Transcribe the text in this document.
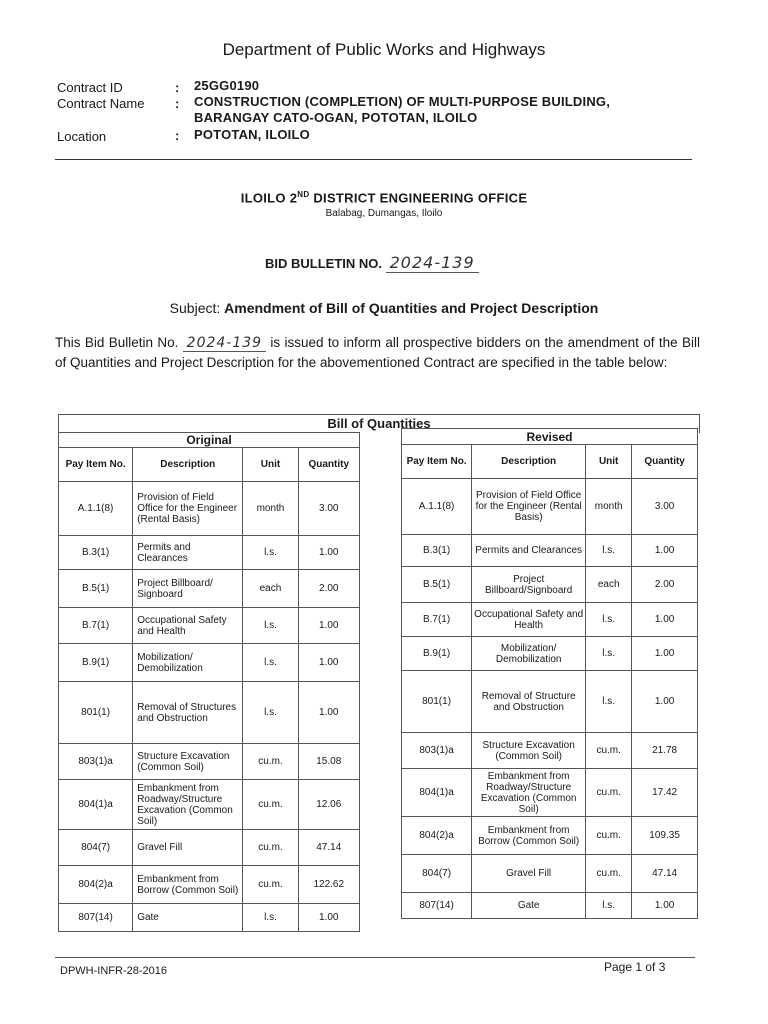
Department of Public Works and Highways
Contract ID	: 25GG0190
Contract Name : CONSTRUCTION (COMPLETION) OF MULTI-PURPOSE BUILDING,
BARANGAY CATO-OGAN, POTOTAN, ILOILO
Location	: POTOTAN, ILOILO
ILOILO 2ND DISTRICT ENGINEERING OFFICE
Balabag, Dumangas, Iloilo
BID BULLETIN NO. 2024-139
Subject: Amendment of Bill of Quantities and Project Description
This Bid Bulletin No. 2024-139 is issued to inform all prospective bidders on the amendment of the Bill of Quantities and Project Description for the abovementioned Contract are specified in the table below:
Bill of Quantities
Original			
Pay Item No.	Description	Unit	Quantity
A.1.1(8)	Provision of Field Office for the Engineer (Rental Basis)	month	3.00
B.3(1)	Permits and Clearances	l.s.	1.00
B.5(1)	Project Billboard/ Signboard	each	2.00
B.7(1)	Occupational Safety and Health	l.s.	1.00
B.9(1)	Mobilization/ Demobilization	l.s.	1.00
801(1)	Removal of Structures and Obstruction	l.s.	1.00
803(1)a	Structure Excavation (Common Soil)	cu.m.	15.08
804(1)a	Embankment from Roadway/Structure Excavation (Common Soil)	cu.m.	12.06
804(7)	Gravel Fill	cu.m.	47.14
804(2)a	Embankment from Borrow (Common Soil)	cu.m.	122.62
807(14)	Gate	l.s.	1.00
Revised			
Pay Item No.	Description	Unit	Quantity
A.1.1(8)	Provision of Field Office for the Engineer (Rental Basis)	month	3.00
B.3(1)	Permits and Clearances	l.s.	1.00
B.5(1)	Project Billboard/Signboard	each	2.00
B.7(1)	Occupational Safety and Health	l.s.	1.00
B.9(1)	Mobilization/ Demobilization	l.s.	1.00
801(1)	Removal of Structure and Obstruction	l.s.	1.00
803(1)a	Structure Excavation (Common Soil)	cu.m.	21.78
804(1)a	Embankment from Roadway/Structure Excavation (Common Soil)	cu.m.	17.42
804(2)a	Embankment from Borrow (Common Soil)	cu.m.	109.35
804(7)	Gravel Fill	cu.m.	47.14
807(14)	Gate	l.s.	1.00
DPWH-INFR-28-2016	Page 1 of 3
